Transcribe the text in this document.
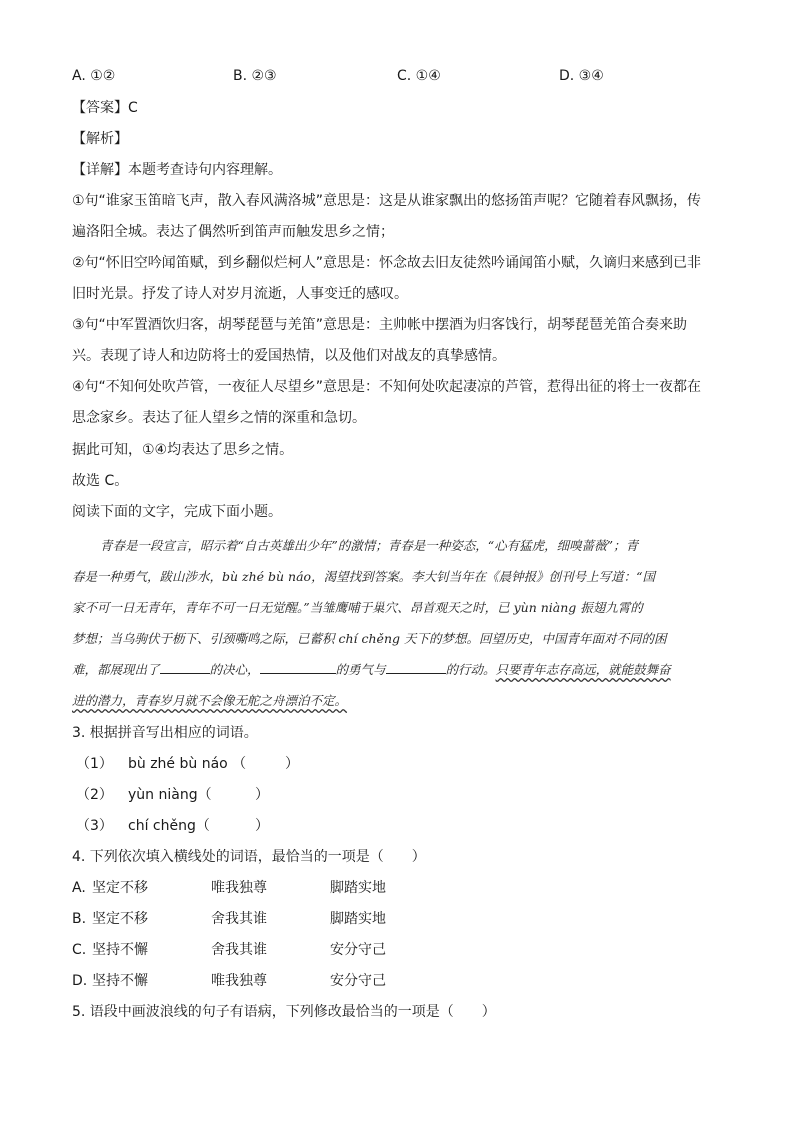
A. ①②	B. ②③	C. ①④	D. ③④
【答案】C
【解析】
【详解】本题考查诗句内容理解。
①句“谁家玉笛暗飞声，散入春风满洛城”意思是：这是从谁家飘出的悠扬笛声呢？它随着春风飘扬，传
遍洛阳全城。表达了偶然听到笛声而触发思乡之情；
②句“怀旧空吟闻笛赋，到乡翻似烂柯人”意思是：怀念故去旧友徒然吟诵闻笛小赋，久谪归来感到已非
旧时光景。抒发了诗人对岁月流逝，人事变迁的感叹。
③句“中军置酒饮归客，胡琴琵琶与羌笛”意思是：主帅帐中摆酒为归客饯行，胡琴琵琶羌笛合奏来助
兴。表现了诗人和边防将士的爱国热情，以及他们对战友的真挚感情。
④句“不知何处吹芦管，一夜征人尽望乡”意思是：不知何处吹起凄凉的芦管，惹得出征的将士一夜都在
思念家乡。表达了征人望乡之情的深重和急切。
据此可知，①④均表达了思乡之情。
故选 C。
阅读下面的文字，完成下面小题。
青春是一段宣言，昭示着“自古英雄出少年”的激情；青春是一种姿态，“心有猛虎，细嗅蔷薇”；青
春是一种勇气，跋山涉水，bù zhé bù náo，渴望找到答案。李大钊当年在《晨钟报》创刊号上写道：“国
家不可一日无青年，青年不可一日无觉醒。”当雏鹰哺于巢穴、昂首观天之时，已 yùn niàng 振翅九霄的
梦想；当乌驹伏于枥下、引颈嘶鸣之际，已蓄积 chí chěng 天下的梦想。回望历史，中国青年面对不同的困
难，都展现出了	的决心，	的勇气与	的行动。只要青年志存高远，就能鼓舞奋
进的潜力，青春岁月就不会像无舵之舟漂泊不定。
3. 根据拼音写出相应的词语。
（1） bù zhé bù náo （	）
（2） yùn niàng（	）
（3） chí chěng（	）
4. 下列依次填入横线处的词语，最恰当的一项是（　　）
A. 坚定不移	唯我独尊	脚踏实地
B. 坚定不移	舍我其谁	脚踏实地
C. 坚持不懈	舍我其谁	安分守己
D. 坚持不懈	唯我独尊	安分守己
5. 语段中画波浪线的句子有语病，下列修改最恰当的一项是（　　）
